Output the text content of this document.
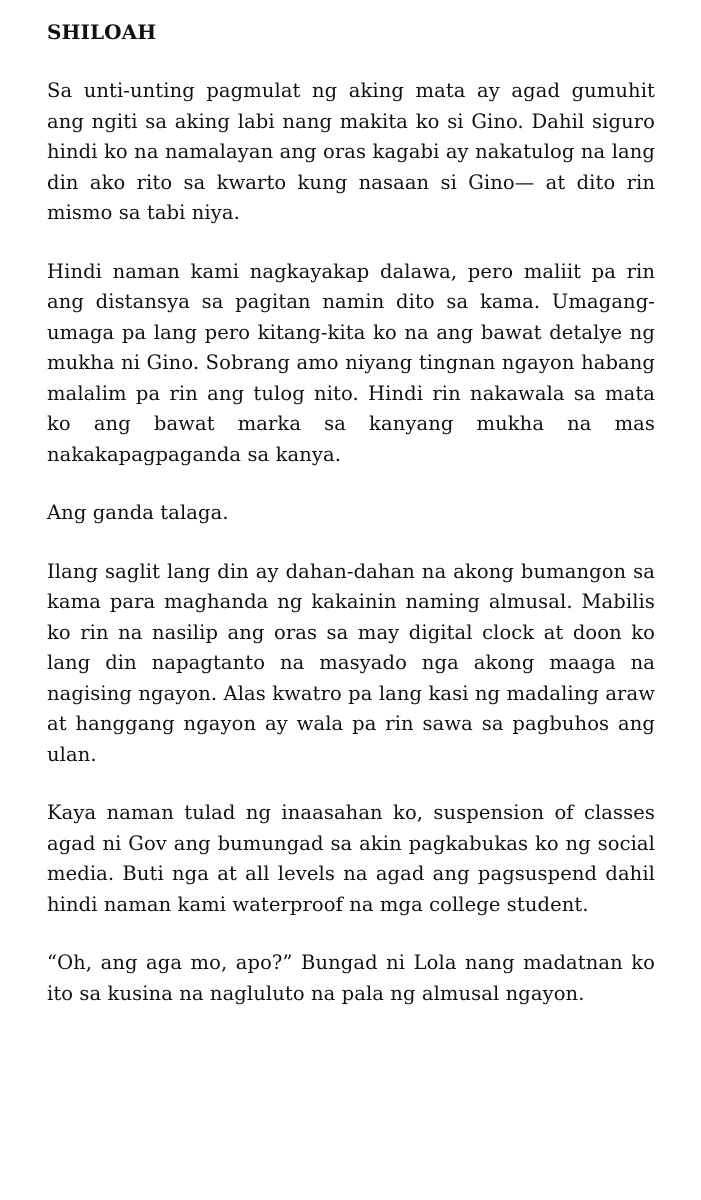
SHILOAH

Sa unti-unting pagmulat ng aking mata ay agad gumuhit ang ngiti sa aking labi nang makita ko si Gino. Dahil siguro hindi ko na namalayan ang oras kagabi ay nakatulog na lang din ako rito sa kwarto kung nasaan si Gino— at dito rin mismo sa tabi niya.

Hindi naman kami nagkayakap dalawa, pero maliit pa rin ang distansya sa pagitan namin dito sa kama. Umagang-umaga pa lang pero kitang-kita ko na ang bawat detalye ng mukha ni Gino. Sobrang amo niyang tingnan ngayon habang malalim pa rin ang tulog nito. Hindi rin nakawala sa mata ko ang bawat marka sa kanyang mukha na mas nakakapagpaganda sa kanya.

Ang ganda talaga.

Ilang saglit lang din ay dahan-dahan na akong bumangon sa kama para maghanda ng kakainin naming almusal. Mabilis ko rin na nasilip ang oras sa may digital clock at doon ko lang din napagtanto na masyado nga akong maaga na nagising ngayon. Alas kwatro pa lang kasi ng madaling araw at hanggang ngayon ay wala pa rin sawa sa pagbuhos ang ulan.

Kaya naman tulad ng inaasahan ko, suspension of classes agad ni Gov ang bumungad sa akin pagkabukas ko ng social media. Buti nga at all levels na agad ang pagsuspend dahil hindi naman kami waterproof na mga college student.

“Oh, ang aga mo, apo?” Bungad ni Lola nang madatnan ko ito sa kusina na nagluluto na pala ng almusal ngayon.
